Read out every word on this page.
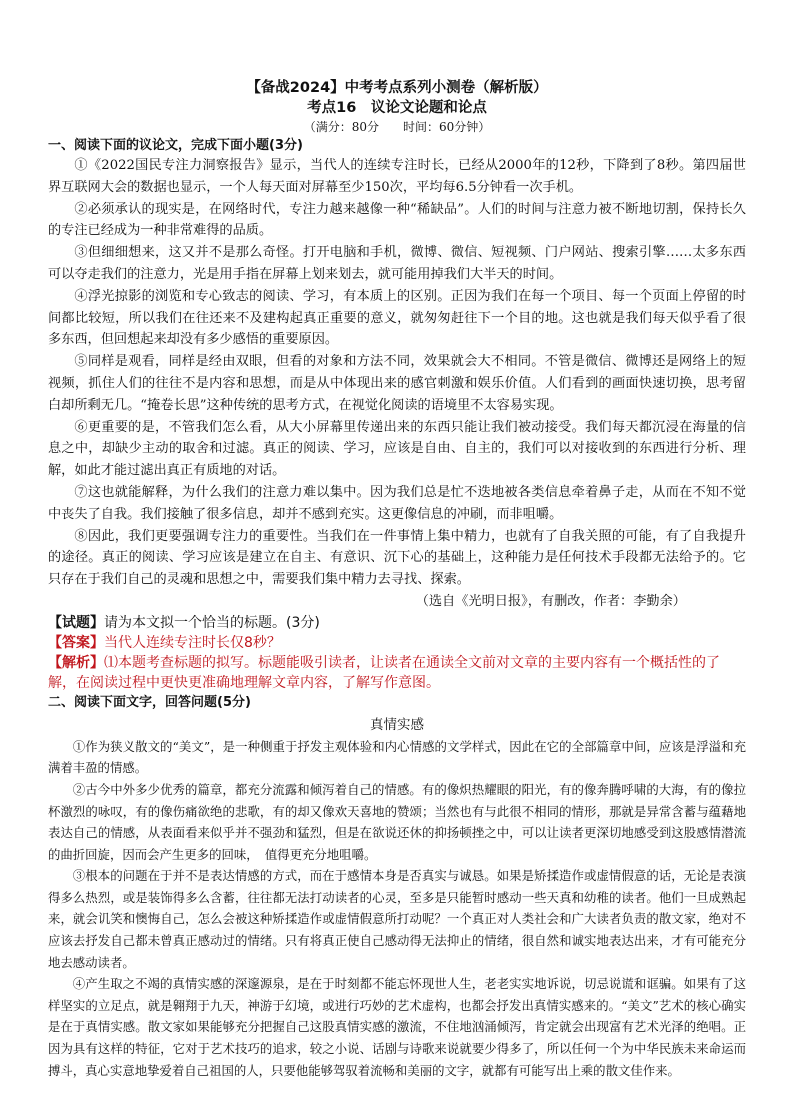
【备战2024】中考考点系列小测卷（解析版）
考点16　议论文论题和论点
（满分：80分　　时间：60分钟）
一、阅读下面的议论文，完成下面小题(3分)

①《2022国民专注力洞察报告》显示，当代人的连续专注时长，已经从2000年的12秒，下降到了8秒。第四届世界互联网大会的数据也显示，一个人每天面对屏幕至少150次，平均每6.5分钟看一次手机。

②必须承认的现实是，在网络时代，专注力越来越像一种“稀缺品”。人们的时间与注意力被不断地切割，保持长久的专注已经成为一种非常难得的品质。

③但细细想来，这又并不是那么奇怪。打开电脑和手机，微博、微信、短视频、门户网站、搜索引擎……太多东西可以夺走我们的注意力，光是用手指在屏幕上划来划去，就可能用掉我们大半天的时间。

④浮光掠影的浏览和专心致志的阅读、学习，有本质上的区别。正因为我们在每一个项目、每一个页面上停留的时间都比较短，所以我们在往还来不及建构起真正重要的意义，就匆匆赶往下一个目的地。这也就是我们每天似乎看了很多东西，但回想起来却没有多少感悟的重要原因。

⑤同样是观看，同样是经由双眼，但看的对象和方法不同，效果就会大不相同。不管是微信、微博还是网络上的短视频，抓住人们的往往不是内容和思想，而是从中体现出来的感官刺激和娱乐价值。人们看到的画面快速切换，思考留白却所剩无几。“掩卷长思”这种传统的思考方式，在视觉化阅读的语境里不太容易实现。

⑥更重要的是，不管我们怎么看，从大小屏幕里传递出来的东西只能让我们被动接受。我们每天都沉浸在海量的信息之中，却缺少主动的取舍和过滤。真正的阅读、学习，应该是自由、自主的，我们可以对接收到的东西进行分析、理解，如此才能过滤出真正有质地的对话。

⑦这也就能解释，为什么我们的注意力难以集中。因为我们总是忙不迭地被各类信息牵着鼻子走，从而在不知不觉中丧失了自我。我们接触了很多信息，却并不感到充实。这更像信息的冲刷，而非咀嚼。

⑧因此，我们更要强调专注力的重要性。当我们在一件事情上集中精力，也就有了自我关照的可能，有了自我提升的途径。真正的阅读、学习应该是建立在自主、有意识、沉下心的基础上，这种能力是任何技术手段都无法给予的。它只存在于我们自己的灵魂和思想之中，需要我们集中精力去寻找、探索。

（选自《光明日报》，有删改，作者：李勤余）

【试题】请为本文拟一个恰当的标题。(3分)

【答案】当代人连续专注时长仅8秒？

【解析】⑴本题考查标题的拟写。标题能吸引读者，让读者在通读全文前对文章的主要内容有一个概括性的了解，在阅读过程中更快更准确地理解文章内容，了解写作意图。

二、阅读下面文字，回答问题(5分)
真情实感

①作为狭义散文的“美文”，是一种侧重于抒发主观体验和内心情感的文学样式，因此在它的全部篇章中间，应该是浮溢和充满着丰盈的情感。

②古今中外多少优秀的篇章，都充分流露和倾泻着自己的情感。有的像炽热耀眼的阳光，有的像奔腾呼啸的大海，有的像拉杯激烈的咏叹，有的像伤痛欲绝的悲歌，有的却又像欢天喜地的赞颂；当然也有与此很不相同的情形，那就是异常含蓄与蕴藉地表达自己的情感，从表面看来似乎并不强劲和猛烈，但是在欲说还休的抑扬顿挫之中，可以让读者更深切地感受到这股感情潜流的曲折回旋，因而会产生更多的回味，　值得更充分地咀嚼。

③根本的问题在于并不是表达情感的方式，而在于感情本身是否真实与诚恳。如果是矫揉造作或虚情假意的话，无论是表演得多么热烈，或是装饰得多么含蓄，往往都无法打动读者的心灵，至多是只能暂时感动一些天真和幼稚的读者。他们一旦成熟起来，就会讥笑和懊悔自己，怎么会被这种矫揉造作或虚情假意所打动呢？一个真正对人类社会和广大读者负责的散文家，绝对不应该去抒发自己都未曾真正感动过的情绪。只有将真正使自己感动得无法抑止的情绪，很自然和诚实地表达出来，才有可能充分地去感动读者。

④产生取之不竭的真情实感的深邃源泉，是在于时刻都不能忘怀现世人生，老老实实地诉说，切忌说谎和诓骗。如果有了这样坚实的立足点，就是翱翔于九天，神游于幻境，或进行巧妙的艺术虚构，也都会抒发出真情实感来的。“美文”艺术的核心确实是在于真情实感。散文家如果能够充分把握自己这股真情实感的激流，不住地汹涌倾泻，肯定就会出现富有艺术光泽的绝唱。正因为具有这样的特征，它对于艺术技巧的追求，较之小说、话剧与诗歌来说就要少得多了，所以任何一个为中华民族未来命运而搏斗，真心实意地挚爱着自己祖国的人，只要他能够驾驭着流畅和美丽的文字，就都有可能写出上乘的散文佳作来。
